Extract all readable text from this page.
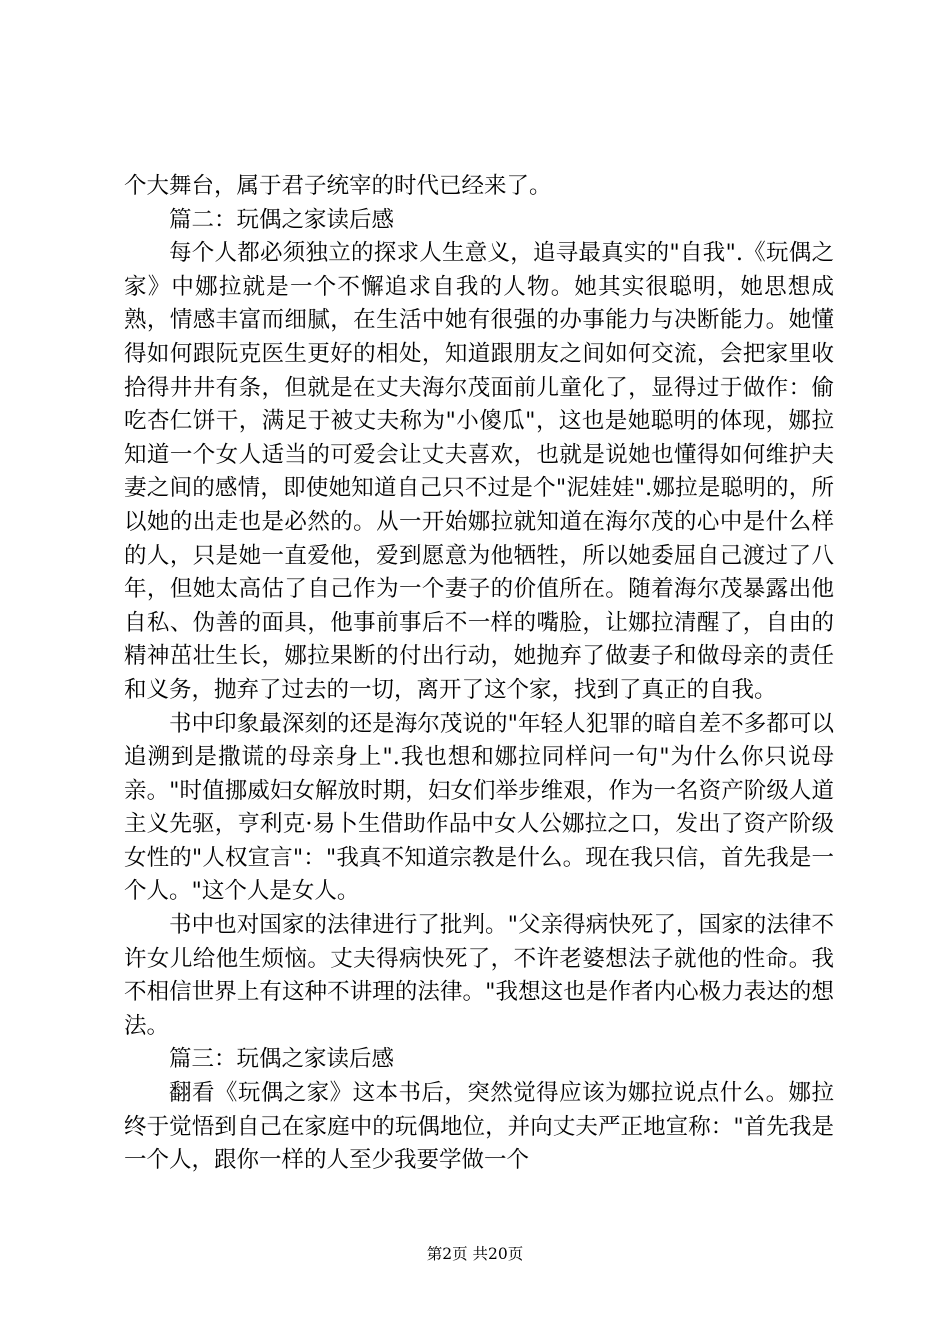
个大舞台，属于君子统宰的时代已经来了。

篇二：玩偶之家读后感

每个人都必须独立的探求人生意义，追寻最真实的"自我".《玩偶之家》中娜拉就是一个不懈追求自我的人物。她其实很聪明，她思想成熟，情感丰富而细腻，在生活中她有很强的办事能力与决断能力。她懂得如何跟阮克医生更好的相处，知道跟朋友之间如何交流，会把家里收拾得井井有条，但就是在丈夫海尔茂面前儿童化了，显得过于做作：偷吃杏仁饼干，满足于被丈夫称为"小傻瓜"，这也是她聪明的体现，娜拉知道一个女人适当的可爱会让丈夫喜欢，也就是说她也懂得如何维护夫妻之间的感情，即使她知道自己只不过是个"泥娃娃".娜拉是聪明的，所以她的出走也是必然的。从一开始娜拉就知道在海尔茂的心中是什么样的人，只是她一直爱他，爱到愿意为他牺牲，所以她委屈自己渡过了八年，但她太高估了自己作为一个妻子的价值所在。随着海尔茂暴露出他自私、伪善的面具，他事前事后不一样的嘴脸，让娜拉清醒了，自由的精神茁壮生长，娜拉果断的付出行动，她抛弃了做妻子和做母亲的责任和义务，抛弃了过去的一切，离开了这个家，找到了真正的自我。

书中印象最深刻的还是海尔茂说的"年轻人犯罪的暗自差不多都可以追溯到是撒谎的母亲身上".我也想和娜拉同样问一句"为什么你只说母亲。"时值挪威妇女解放时期，妇女们举步维艰，作为一名资产阶级人道主义先驱，亨利克·易卜生借助作品中女人公娜拉之口，发出了资产阶级女性的"人权宣言"："我真不知道宗教是什么。现在我只信，首先我是一个人。"这个人是女人。

书中也对国家的法律进行了批判。"父亲得病快死了，国家的法律不许女儿给他生烦恼。丈夫得病快死了，不许老婆想法子就他的性命。我不相信世界上有这种不讲理的法律。"我想这也是作者内心极力表达的想法。

篇三：玩偶之家读后感

翻看《玩偶之家》这本书后，突然觉得应该为娜拉说点什么。娜拉终于觉悟到自己在家庭中的玩偶地位，并向丈夫严正地宣称："首先我是一个人，跟你一样的人至少我要学做一个

第2页 共20页
